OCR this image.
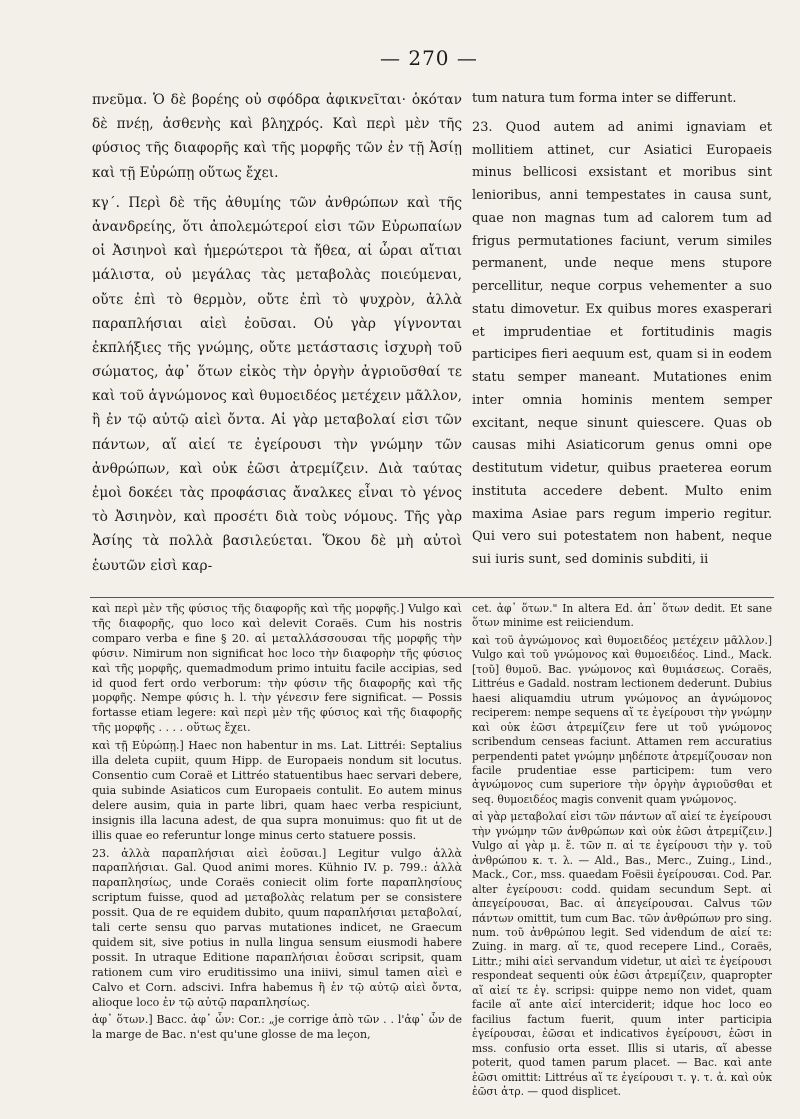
— 270 —

πνεῦμα. Ὁ δὲ βορέης οὐ σφόδρα ἀφικνεῖται· ὁκόταν δὲ πνέῃ, ἀσθενὴς καὶ βληχρός. Καὶ περὶ μὲν τῆς φύσιος τῆς διαφορῆς καὶ τῆς μορφῆς τῶν ἐν τῇ Ἀσίῃ καὶ τῇ Εὐρώπῃ οὕτως ἔχει.

κγ΄. Περὶ δὲ τῆς ἀθυμίης τῶν ἀνθρώπων καὶ τῆς ἀνανδρείης, ὅτι ἀπολεμώτεροί εἰσι τῶν Εὐρωπαίων οἱ Ἀσιηνοὶ καὶ ἡμερώτεροι τὰ ἤθεα, αἱ ὧραι αἴτιαι μάλιστα, οὐ μεγάλας τὰς μεταβολὰς ποιεύμεναι, οὔτε ἐπὶ τὸ θερμὸν, οὔτε ἐπὶ τὸ ψυχρὸν, ἀλλὰ παραπλήσιαι αἰεὶ ἐοῦσαι. Οὐ γὰρ γίγνονται ἐκπλήξιες τῆς γνώμης, οὔτε μετάστασις ἰσχυρὴ τοῦ σώματος, ἀφ᾽ ὅτων εἰκὸς τὴν ὀργὴν ἀγριοῦσθαί τε καὶ τοῦ ἀγνώμονος καὶ θυμοειδέος μετέχειν μᾶλλον, ἢ ἐν τῷ αὐτῷ αἰεὶ ὄντα. Αἱ γὰρ μεταβολαί εἰσι τῶν πάντων, αἵ αἰεί τε ἐγείρουσι τὴν γνώμην τῶν ἀνθρώπων, καὶ οὐκ ἐῶσι ἀτρεμίζειν. Διὰ ταύτας ἐμοὶ δοκέει τὰς προφάσιας ἄναλκες εἶναι τὸ γένος τὸ Ἀσιηνὸν, καὶ προσέτι διὰ τοὺς νόμους. Τῆς γὰρ Ἀσίης τὰ πολλὰ βασιλεύεται. Ὅκου δὲ μὴ αὐτοὶ ἑωυτῶν εἰσὶ καρ-

tum natura tum forma inter se differunt.

23. Quod autem ad animi ignaviam et mollitiem attinet, cur Asiatici Europaeis minus bellicosi exsistant et moribus sint lenioribus, anni tempestates in causa sunt, quae non magnas tum ad calorem tum ad frigus permutationes faciunt, verum similes permanent, unde neque mens stupore percellitur, neque corpus vehementer a suo statu dimovetur. Ex quibus mores exasperari et imprudentiae et fortitudinis magis participes fieri aequum est, quam si in eodem statu semper maneant. Mutationes enim inter omnia hominis mentem semper excitant, neque sinunt quiescere. Quas ob causas mihi Asiaticorum genus omni ope destitutum videtur, quibus praeterea eorum instituta accedere debent. Multo enim maxima Asiae pars regum imperio regitur. Qui vero sui potestatem non habent, neque sui iuris sunt, sed dominis subditi, ii

καὶ περὶ μὲν τῆς φύσιος τῆς διαφορῆς καὶ τῆς μορφῆς.] Vulgo καὶ τῆς διαφορῆς, quo loco καὶ delevit Coraës. Cum his nostris comparo verba e fine § 20. αἱ μεταλλάσσουσαι τῆς μορφῆς τὴν φύσιν. Nimirum non significat hoc loco τὴν διαφορὴν τῆς φύσιος καὶ τῆς μορφῆς, quemadmodum primo intuitu facile accipias, sed id quod fert ordo verborum: τὴν φύσιν τῆς διαφορῆς καὶ τῆς μορφῆς. Nempe φύσις h. l. τὴν γένεσιν fere significat. — Possis fortasse etiam legere: καὶ περὶ μὲν τῆς φύσιος καὶ τῆς διαφορῆς τῆς μορφῆς . . . . οὕτως ἔχει.

καὶ τῇ Εὐρώπῃ.] Haec non habentur in ms. Lat. Littréi: Septalius illa deleta cupiit, quum Hipp. de Europaeis nondum sit locutus. Consentio cum Coraë et Littréo statuentibus haec servari debere, quia subinde Asiaticos cum Europaeis contulit. Eo autem minus delere ausim, quia in parte libri, quam haec verba respiciunt, insignis illa lacuna adest, de qua supra monuimus: quo fit ut de illis quae eo referuntur longe minus certo statuere possis.

23. ἀλλὰ παραπλήσιαι αἰεὶ ἐοῦσαι.] Legitur vulgo ἀλλὰ παραπλήσιαι. Gal. Quod animi mores. Kühnio IV. p. 799.: ἀλλὰ παραπλησίως, unde Coraës coniecit olim forte παραπλησίους scriptum fuisse, quod ad μεταβολὰς relatum per se consistere possit. Qua de re equidem dubito, quum παραπλήσιαι μεταβολαί, tali certe sensu quo parvas mutationes indicet, ne Graecum quidem sit, sive potius in nulla lingua sensum eiusmodi habere possit. In utraque Editione παραπλήσιαι ἐοῦσαι scripsit, quam rationem cum viro eruditissimo una iniivi, simul tamen αἰεὶ e Calvo et Corn. adscivi. Infra habemus ἢ ἐν τῷ αὐτῷ αἰεὶ ὄντα, alioque loco ἐν τῷ αὐτῷ παραπλησίως.

ἀφ᾽ ὅτων.] Bacc. ἀφ᾽ ὧν: Cor.: „je corrige ἀπὸ τῶν . . l'ἀφ᾽ ὧν de la marge de Bac. n'est qu'une glosse de ma leçon,

cet. ἀφ᾽ ὅτων." In altera Ed. ἀπ᾽ ὅτων dedit. Et sane ὅτων minime est reiiciendum.

καὶ τοῦ ἀγνώμονος καὶ θυμοειδέος μετέχειν μᾶλλον.] Vulgo καὶ τοῦ γνώμονος καὶ θυμοειδέος. Lind., Mack. [τοῦ] θυμοῦ. Bac. γνώμονος καὶ θυμιάσεως. Coraës, Littréus e Gadald. nostram lectionem dederunt. Dubius haesi aliquamdiu utrum γνώμονος an ἀγνώμονος reciperem: nempe sequens αἵ τε ἐγείρουσι τὴν γνώμην καὶ οὐκ ἐῶσι ἀτρεμίζειν fere ut τοῦ γνώμονος scribendum censeas faciunt. Attamen rem accuratius perpendenti patet γνώμην μηδέποτε ἀτρεμίζουσαν non facile prudentiae esse participem: tum vero ἀγνώμονος cum superiore τὴν ὀργὴν ἀγριοῦσθαι et seq. θυμοειδέος magis convenit quam γνώμονος.

αἱ γὰρ μεταβολαί εἰσι τῶν πάντων αἵ αἰεί τε ἐγείρουσι τὴν γνώμην τῶν ἀνθρώπων καὶ οὐκ ἐῶσι ἀτρεμίζειν.] Vulgo αἱ γὰρ μ. ἔ. τῶν π. αἱ τε ἐγείρουσι τὴν γ. τοῦ ἀνθρώπου κ. τ. λ. — Ald., Bas., Merc., Zuing., Lind., Mack., Cor., mss. quaedam Foësii ἐγείρουσαι. Cod. Par. alter ἐγείρουσι: codd. quidam secundum Sept. αἱ ἀπεγείρουσαι, Bac. αἱ ἀπεγείρουσαι. Calvus τῶν πάντων omittit, tum cum Bac. τῶν ἀνθρώπων pro sing. num. τοῦ ἀνθρώπου legit. Sed videndum de αἰεί τε: Zuing. in marg. αἵ τε, quod recepere Lind., Coraës, Littr.; mihi αἰεὶ servandum videtur, ut αἰεὶ τε ἐγείρουσι respondeat sequenti οὐκ ἐῶσι ἀτρεμίζειν, quapropter αἵ αἰεί τε ἐγ. scripsi: quippe nemo non videt, quam facile αἵ ante αἰεί interciderit; idque hoc loco eo facilius factum fuerit, quum inter participia ἐγείρουσαι, ἐῶσαι et indicativos ἐγείρουσι, ἐῶσι in mss. confusio orta esset. Illis si utaris, αἵ abesse poterit, quod tamen parum placet. — Bac. καὶ ante ἐῶσι omittit: Littréus αἵ τε ἐγείρουσι τ. γ. τ. ἀ. καὶ οὐκ ἐῶσι ἀτρ. — quod displicet.
